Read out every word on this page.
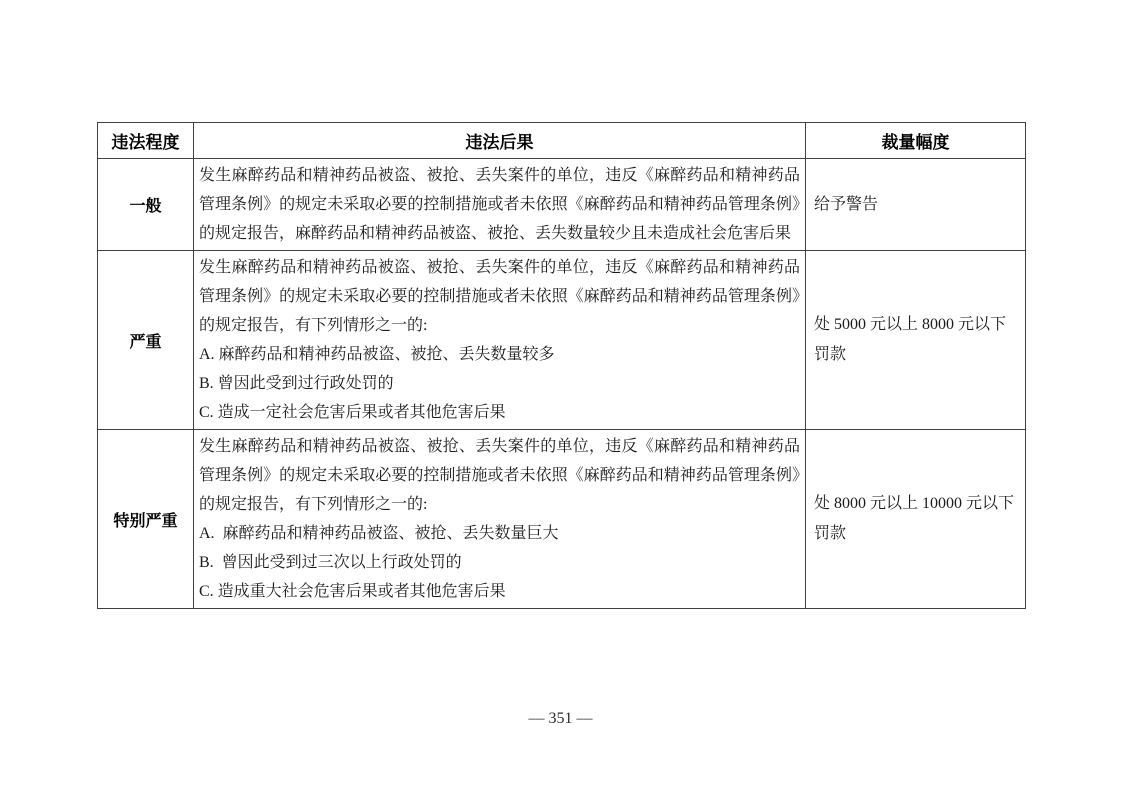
违法程度	违法后果	裁量幅度
一般	发生麻醉药品和精神药品被盗、被抢、丢失案件的单位，违反《麻醉药品和精神药品管理条例》的规定未采取必要的控制措施或者未依照《麻醉药品和精神药品管理条例》的规定报告，麻醉药品和精神药品被盗、被抢、丢失数量较少且未造成社会危害后果	给予警告
严重	发生麻醉药品和精神药品被盗、被抢、丢失案件的单位，违反《麻醉药品和精神药品管理条例》的规定未采取必要的控制措施或者未依照《麻醉药品和精神药品管理条例》的规定报告，有下列情形之一的:

A. 麻醉药品和精神药品被盗、被抢、丢失数量较多

B. 曾因此受到过行政处罚的

C. 造成一定社会危害后果或者其他危害后果	处 5000 元以上 8000 元以下罚款
特别严重	发生麻醉药品和精神药品被盗、被抢、丢失案件的单位，违反《麻醉药品和精神药品管理条例》的规定未采取必要的控制措施或者未依照《麻醉药品和精神药品管理条例》的规定报告，有下列情形之一的:

A.  麻醉药品和精神药品被盗、被抢、丢失数量巨大

B.  曾因此受到过三次以上行政处罚的

C. 造成重大社会危害后果或者其他危害后果	处 8000 元以上 10000 元以下罚款
— 351 —
